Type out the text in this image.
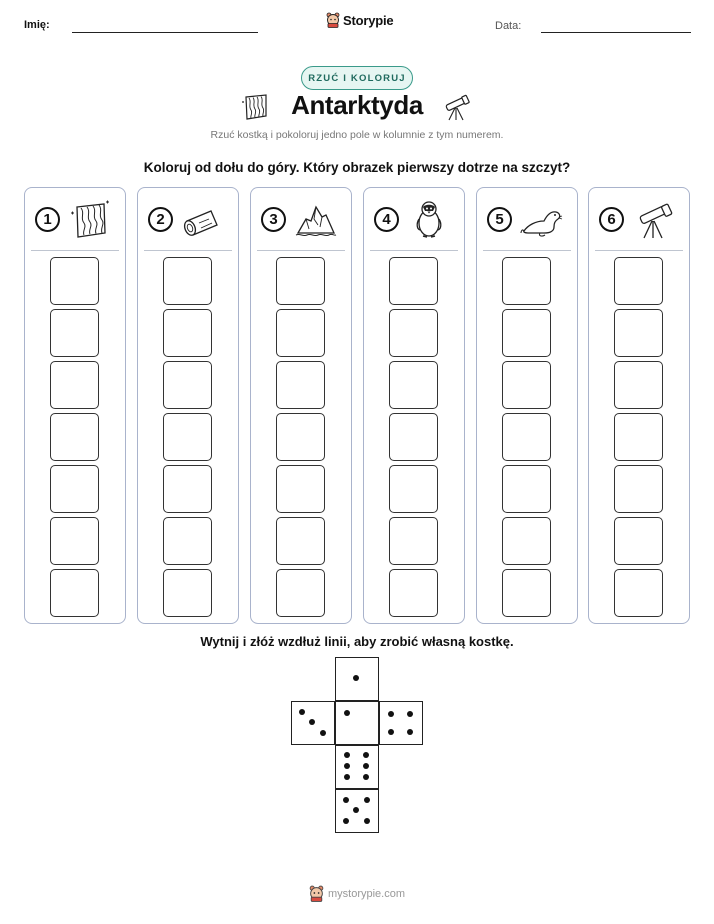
Imię:	Storypie	Data:
RZUĆ I KOLORUJ
Antarktyda
Rzuć kostką i pokoloruj jedno pole w kolumnie z tym numerem.
Koloruj od dołu do góry. Który obrazek pierwszy dotrze na szczyt?
1	2	3	4	5	6
Wytnij i złóż wzdłuż linii, aby zrobić własną kostkę.
mystorypie.com
